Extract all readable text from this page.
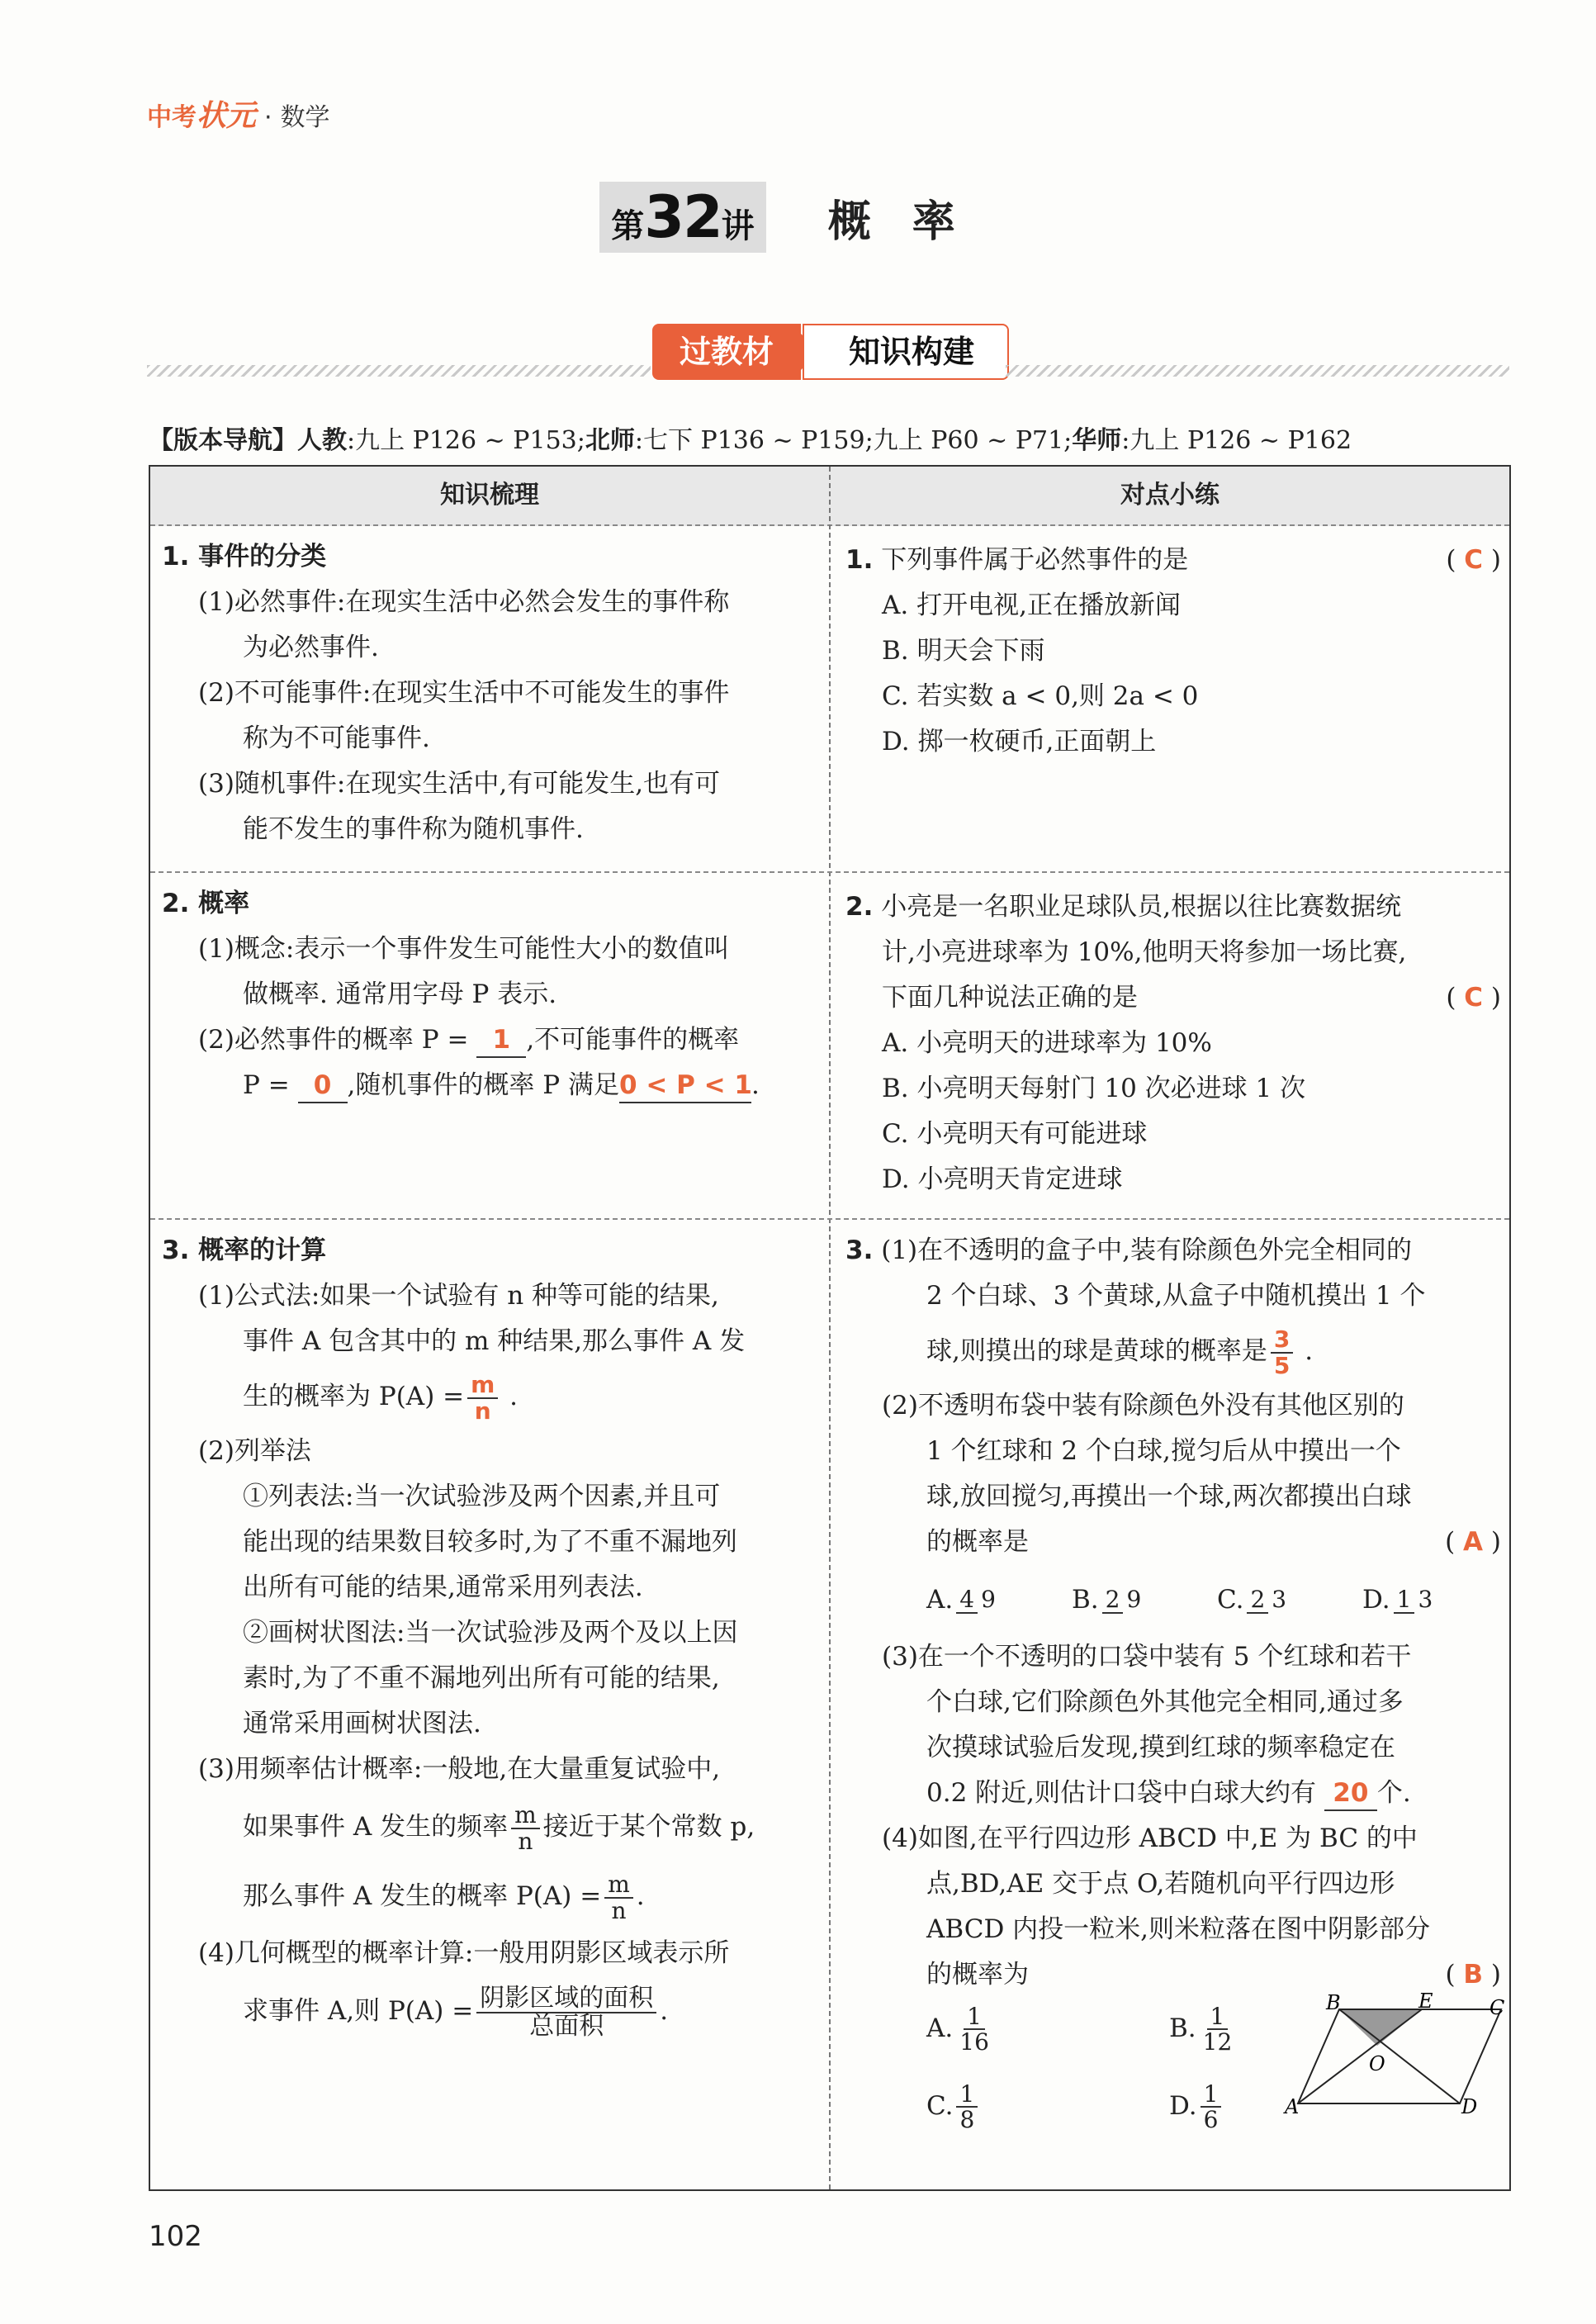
中考状元 · 数学
第32讲 概率
过教材	知识构建
【版本导航】人教:九上 P126 ~ P153;北师:七下 P136 ~ P159;九上 P60 ~ P71;华师:九上 P126 ~ P162
知识梳理	对点小练
1. 事件的分类
(1)必然事件:在现实生活中必然会发生的事件称
为必然事件.
(2)不可能事件:在现实生活中不可能发生的事件
称为不可能事件.
(3)随机事件:在现实生活中,有可能发生,也有可
能不发生的事件称为随机事件.
1. 下列事件属于必然事件的是	( C )
A. 打开电视,正在播放新闻
B. 明天会下雨
C. 若实数 a < 0,则 2a < 0
D. 掷一枚硬币,正面朝上
2. 概率
(1)概念:表示一个事件发生可能性大小的数值叫
做概率. 通常用字母 P 表示.
(2)必然事件的概率 P = 1 ,不可能事件的概率
P = 0 ,随机事件的概率 P 满足0 < P < 1.
2. 小亮是一名职业足球队员,根据以往比赛数据统
计,小亮进球率为 10%,他明天将参加一场比赛,
下面几种说法正确的是	( C )
A. 小亮明天的进球率为 10%
B. 小亮明天每射门 10 次必进球 1 次
C. 小亮明天有可能进球
D. 小亮明天肯定进球
3. 概率的计算
(1)公式法:如果一个试验有 n 种等可能的结果,
事件 A 包含其中的 m 种结果,那么事件 A 发
生的概率为 $P(A) = \frac{m}{n}$ .
(2)列举法
①列表法:当一次试验涉及两个因素,并且可
能出现的结果数目较多时,为了不重不漏地列
出所有可能的结果,通常采用列表法.
②画树状图法:当一次试验涉及两个及以上因
素时,为了不重不漏地列出所有可能的结果,
通常采用画树状图法.
(3)用频率估计概率:一般地,在大量重复试验中,
如果事件 A 发生的频率 $\frac{m}{n}$ 接近于某个常数 p,
那么事件 A 发生的概率 $P(A) = \frac{m}{n}$ .
(4)几何概型的概率计算:一般用阴影区域表示所
求事件 A,则 $P(A) = \frac{\text{阴影区域的面积}}{\text{总面积}}$ .
3. (1)在不透明的盒子中,装有除颜色外完全相同的
2 个白球、3 个黄球,从盒子中随机摸出 1 个
球,则摸出的球是黄球的概率是 $\frac{3}{5}$ .
(2)不透明布袋中装有除颜色外没有其他区别的
1 个红球和 2 个白球,搅匀后从中摸出一个
球,放回搅匀,再摸出一个球,两次都摸出白球
的概率是	( A )
A. 4 9	B. 2 9	C. 2 3	D. 1 3
(3)在一个不透明的口袋中装有 5 个红球和若干
个白球,它们除颜色外其他完全相同,通过多
次摸球试验后发现,摸到红球的频率稳定在
0.2 附近,则估计口袋中白球大约有 20 个.
(4)如图,在平行四边形 ABCD 中,E 为 BC 的中
点,BD,AE 交于点 O,若随机向平行四边形
ABCD 内投一粒米,则米粒落在图中阴影部分
的概率为	( B )
A. $\frac{1}{16}$	B. $\frac{1}{12}$
C. $\frac{1}{8}$	D. $\frac{1}{6}$
B	E	C
O
A	D
102
